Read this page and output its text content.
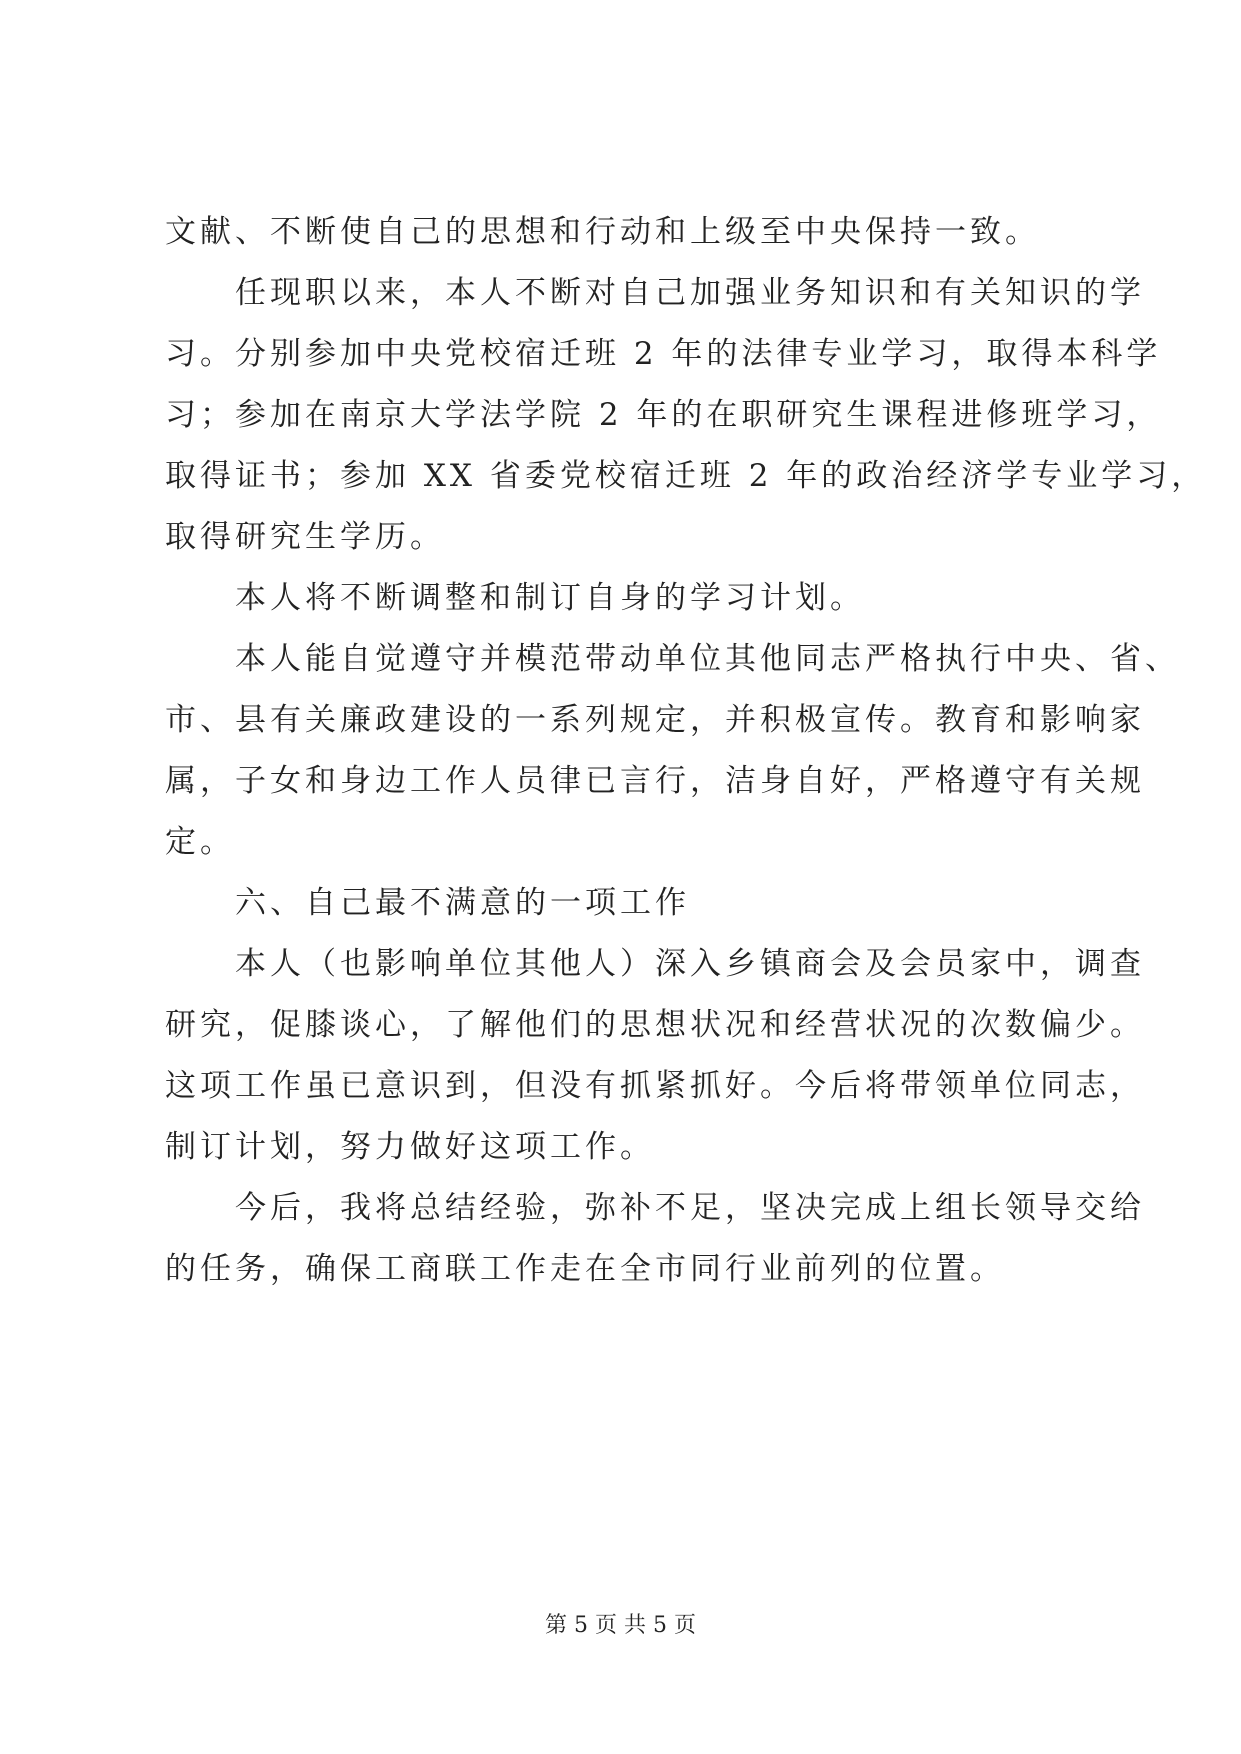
文献、不断使自己的思想和行动和上级至中央保持一致。
任现职以来，本人不断对自己加强业务知识和有关知识的学
习。分别参加中央党校宿迁班 2 年的法律专业学习，取得本科学
习；参加在南京大学法学院 2 年的在职研究生课程进修班学习，
取得证书；参加 XX 省委党校宿迁班 2 年的政治经济学专业学习，
取得研究生学历。
本人将不断调整和制订自身的学习计划。
本人能自觉遵守并模范带动单位其他同志严格执行中央、省、
市、县有关廉政建设的一系列规定，并积极宣传。教育和影响家
属，子女和身边工作人员律已言行，洁身自好，严格遵守有关规
定。
六、自己最不满意的一项工作
本人（也影响单位其他人）深入乡镇商会及会员家中，调查
研究，促膝谈心，了解他们的思想状况和经营状况的次数偏少。
这项工作虽已意识到，但没有抓紧抓好。今后将带领单位同志，
制订计划，努力做好这项工作。
今后，我将总结经验，弥补不足，坚决完成上组长领导交给
的任务，确保工商联工作走在全市同行业前列的位置。
第 5 页 共 5 页
